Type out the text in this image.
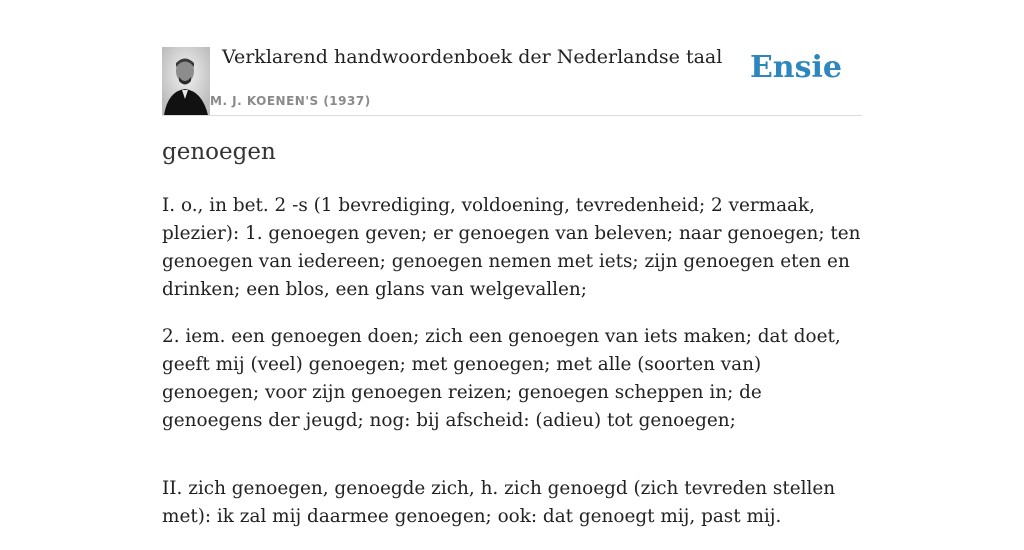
Verklarend handwoordenboek der Nederlandse taal
M. J. KOENEN'S (1937)
Ensie
genoegen

I. o., in bet. 2 -s (1 bevrediging, voldoening, tevredenheid; 2 vermaak, plezier): 1. genoegen geven; er genoegen van beleven; naar genoegen; ten genoegen van iedereen; genoegen nemen met iets; zijn genoegen eten en drinken; een blos, een glans van welgevallen;

2. iem. een genoegen doen; zich een genoegen van iets maken; dat doet, geeft mij (veel) genoegen; met genoegen; met alle (soorten van) genoegen; voor zijn genoegen reizen; genoegen scheppen in; de genoegens der jeugd; nog: bij afscheid: (adieu) tot genoegen;

II. zich genoegen, genoegde zich, h. zich genoegd (zich tevreden stellen met): ik zal mij daarmee genoegen; ook: dat genoegt mij, past mij.
